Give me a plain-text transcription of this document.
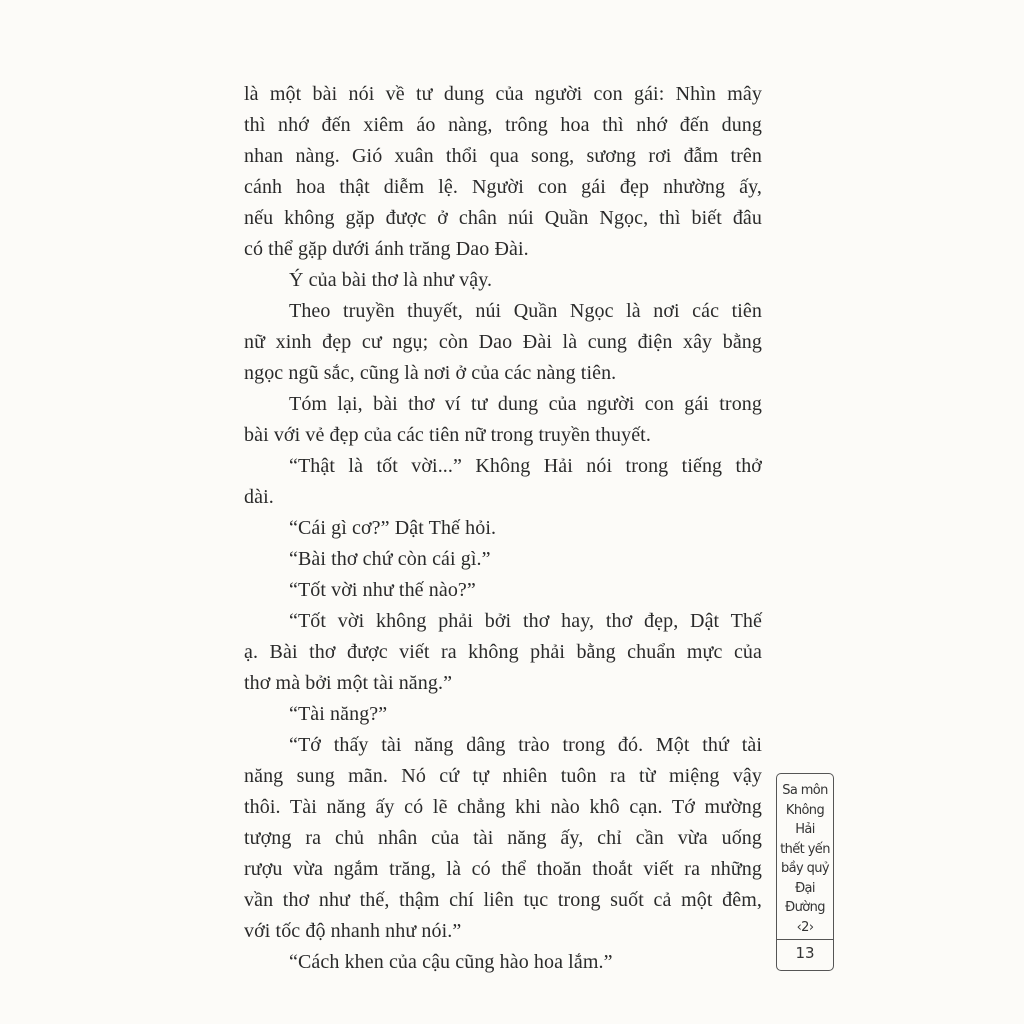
là một bài nói về tư dung của người con gái: Nhìn mây
thì nhớ đến xiêm áo nàng, trông hoa thì nhớ đến dung
nhan nàng. Gió xuân thổi qua song, sương rơi đẫm trên
cánh hoa thật diễm lệ. Người con gái đẹp nhường ấy,
nếu không gặp được ở chân núi Quần Ngọc, thì biết đâu
có thể gặp dưới ánh trăng Dao Đài.
Ý của bài thơ là như vậy.
Theo truyền thuyết, núi Quần Ngọc là nơi các tiên
nữ xinh đẹp cư ngụ; còn Dao Đài là cung điện xây bằng
ngọc ngũ sắc, cũng là nơi ở của các nàng tiên.
Tóm lại, bài thơ ví tư dung của người con gái trong
bài với vẻ đẹp của các tiên nữ trong truyền thuyết.
“Thật là tốt vời...” Không Hải nói trong tiếng thở
dài.
“Cái gì cơ?” Dật Thế hỏi.
“Bài thơ chứ còn cái gì.”
“Tốt vời như thế nào?”
“Tốt vời không phải bởi thơ hay, thơ đẹp, Dật Thế
ạ. Bài thơ được viết ra không phải bằng chuẩn mực của
thơ mà bởi một tài năng.”
“Tài năng?”
“Tớ thấy tài năng dâng trào trong đó. Một thứ tài
năng sung mãn. Nó cứ tự nhiên tuôn ra từ miệng vậy
thôi. Tài năng ấy có lẽ chẳng khi nào khô cạn. Tớ mường
tượng ra chủ nhân của tài năng ấy, chỉ cần vừa uống
rượu vừa ngắm trăng, là có thể thoăn thoắt viết ra những
vần thơ như thế, thậm chí liên tục trong suốt cả một đêm,
với tốc độ nhanh như nói.”
“Cách khen của cậu cũng hào hoa lắm.”
Sa môn
Không Hải
thết yến
bầy quỷ
Đại Đường
‹2›
13
